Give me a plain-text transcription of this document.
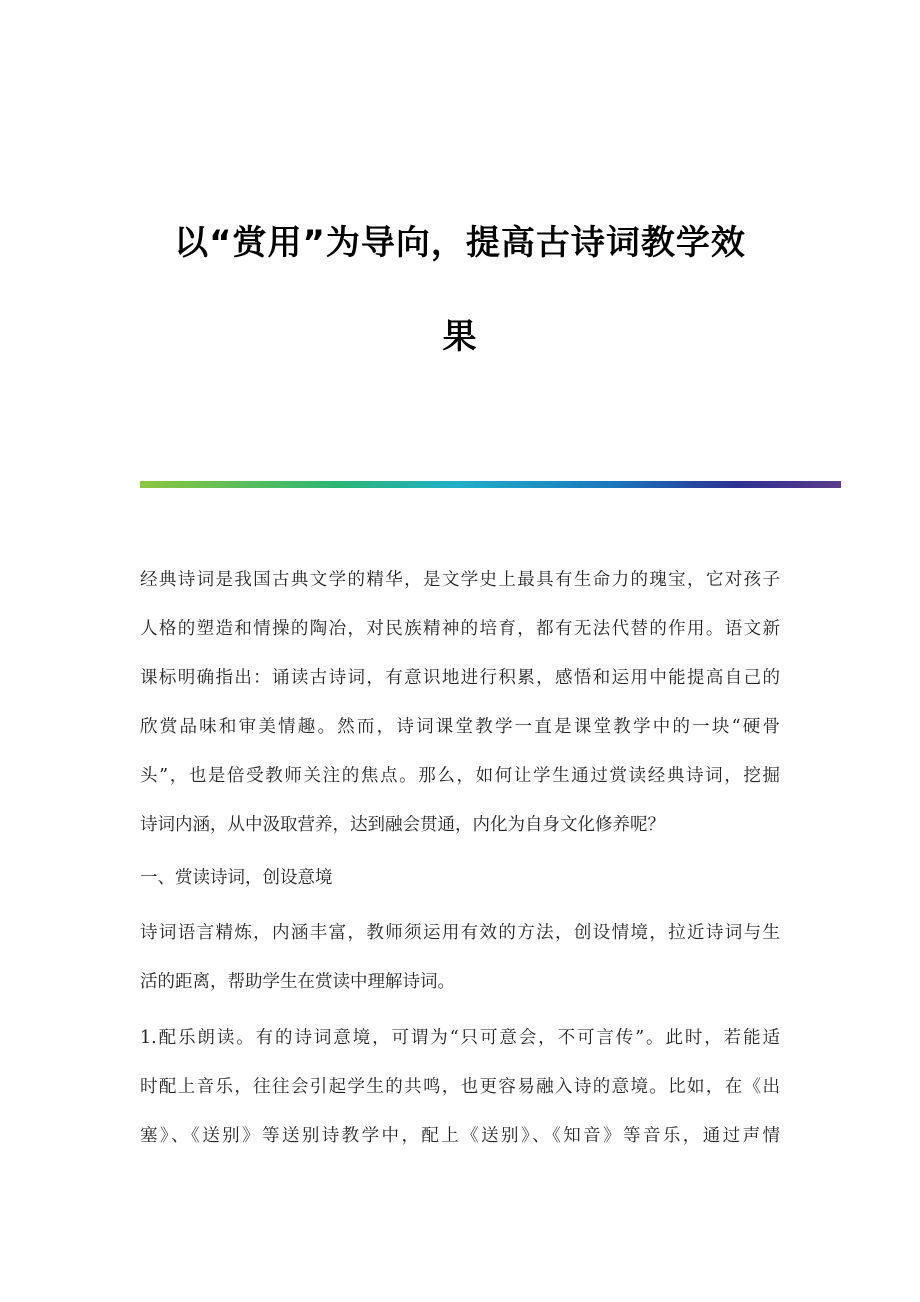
以“赏用”为导向，提高古诗词教学效
果
经典诗词是我国古典文学的精华，是文学史上最具有生命力的瑰宝，它对孩子
人格的塑造和情操的陶冶，对民族精神的培育，都有无法代替的作用。语文新
课标明确指出：诵读古诗词，有意识地进行积累，感悟和运用中能提高自己的
欣赏品味和审美情趣。然而，诗词课堂教学一直是课堂教学中的一块“硬骨
头”，也是倍受教师关注的焦点。那么，如何让学生通过赏读经典诗词，挖掘
诗词内涵，从中汲取营养，达到融会贯通，内化为自身文化修养呢？
一、赏读诗词，创设意境
诗词语言精炼，内涵丰富，教师须运用有效的方法，创设情境，拉近诗词与生
活的距离，帮助学生在赏读中理解诗词。
1.配乐朗读。有的诗词意境，可谓为“只可意会，不可言传”。此时，若能适
时配上音乐，往往会引起学生的共鸣，也更容易融入诗的意境。比如，在《出
塞》、《送别》等送别诗教学中，配上《送别》、《知音》等音乐，通过声情
